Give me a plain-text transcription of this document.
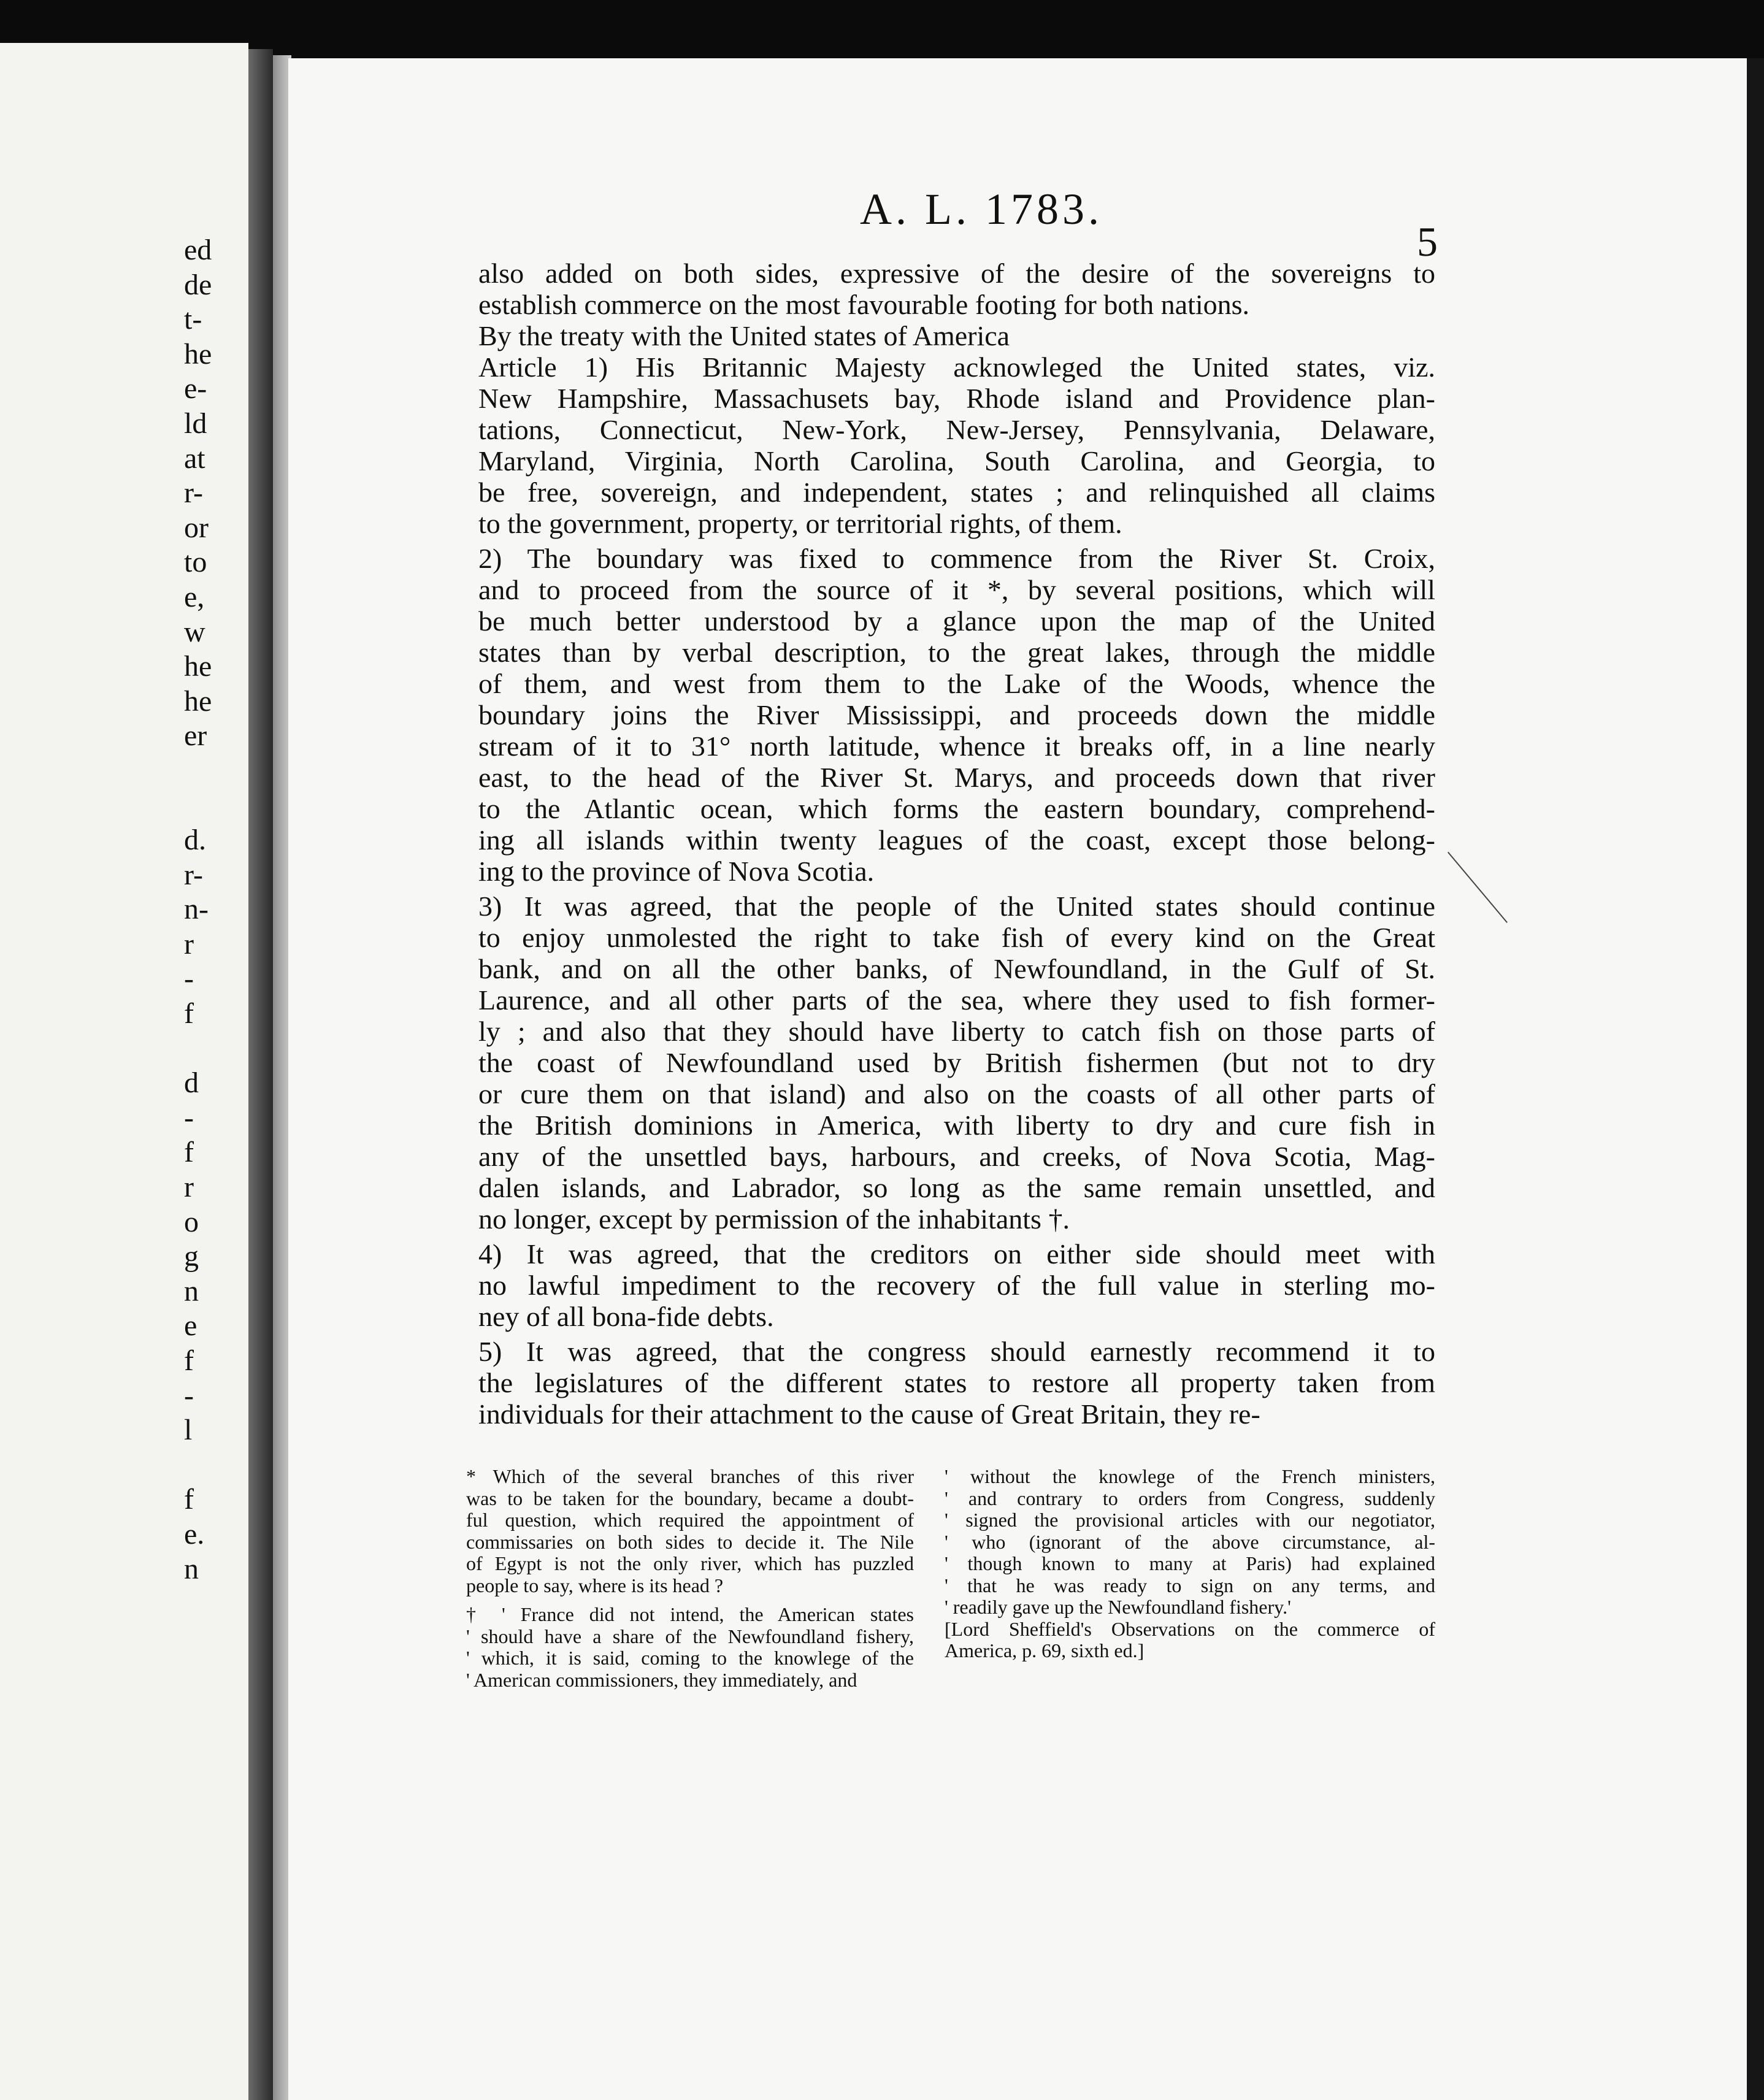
ed
de
t-
he
e-
ld
at
r-
or
to
e,
w
he
he
er
d.
r-
n-
r
-
f
d
-
f
r
o
g
n
e
f
-
l
f
e.
n
A. L. 1783.
5
also added on both sides, expressive of the desire of the sovereigns to
establish commerce on the most favourable footing for both nations.
By the treaty with the United states of America
Article 1) His Britannic Majesty acknowleged the United states, viz.
New Hampshire, Massachusets bay, Rhode island and Providence plan-
tations, Connecticut, New-York, New-Jersey, Pennsylvania, Delaware,
Maryland, Virginia, North Carolina, South Carolina, and Georgia, to
be free, sovereign, and independent, states ; and relinquished all claims
to the government, property, or territorial rights, of them.
2) The boundary was fixed to commence from the River St. Croix,
and to proceed from the source of it *, by several positions, which will
be much better understood by a glance upon the map of the United
states than by verbal description, to the great lakes, through the middle
of them, and west from them to the Lake of the Woods, whence the
boundary joins the River Mississippi, and proceeds down the middle
stream of it to 31° north latitude, whence it breaks off, in a line nearly
east, to the head of the River St. Marys, and proceeds down that river
to the Atlantic ocean, which forms the eastern boundary, comprehend-
ing all islands within twenty leagues of the coast, except those belong-
ing to the province of Nova Scotia.
3) It was agreed, that the people of the United states should continue
to enjoy unmolested the right to take fish of every kind on the Great
bank, and on all the other banks, of Newfoundland, in the Gulf of St.
Laurence, and all other parts of the sea, where they used to fish former-
ly ; and also that they should have liberty to catch fish on those parts of
the coast of Newfoundland used by British fishermen (but not to dry
or cure them on that island) and also on the coasts of all other parts of
the British dominions in America, with liberty to dry and cure fish in
any of the unsettled bays, harbours, and creeks, of Nova Scotia, Mag-
dalen islands, and Labrador, so long as the same remain unsettled, and
no longer, except by permission of the inhabitants †.
4) It was agreed, that the creditors on either side should meet with
no lawful impediment to the recovery of the full value in sterling mo-
ney of all bona-fide debts.
5) It was agreed, that the congress should earnestly recommend it to
the legislatures of the different states to restore all property taken from
individuals for their attachment to the cause of Great Britain, they re-
* Which of the several branches of this river
was to be taken for the boundary, became a doubt-
ful question, which required the appointment of
commissaries on both sides to decide it. The Nile
of Egypt is not the only river, which has puzzled
people to say, where is its head ?
† ' France did not intend, the American states
' should have a share of the Newfoundland fishery,
' which, it is said, coming to the knowlege of the
' American commissioners, they immediately, and
' without the knowlege of the French ministers,
' and contrary to orders from Congress, suddenly
' signed the provisional articles with our negotiator,
' who (ignorant of the above circumstance, al-
' though known to many at Paris) had explained
' that he was ready to sign on any terms, and
' readily gave up the Newfoundland fishery.'
[Lord Sheffield's Observations on the commerce of
America, p. 69, sixth ed.]
